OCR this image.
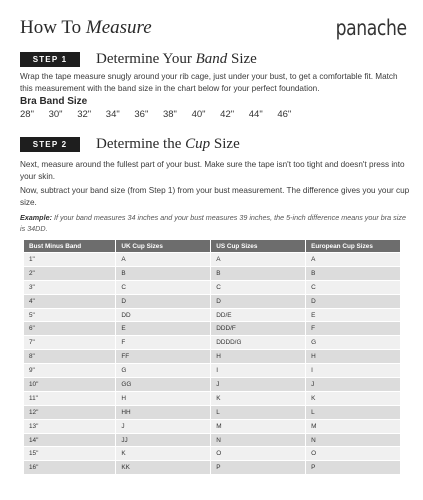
How To Measure	panache
STEP 1	Determine Your Band Size
Wrap the tape measure snugly around your rib cage, just under your bust, to get a comfortable fit. Match this measurement with the band size in the chart below for your perfect foundation.
Bra Band Size
28"	30"	32"	34"	36"	38"	40"	42"	44"	46"
STEP 2	Determine the Cup Size
Next, measure around the fullest part of your bust. Make sure the tape isn't too tight and doesn't press into your skin.
Now, subtract your band size (from Step 1) from your bust measurement. The difference gives you your cup size.
Example: If your band measures 34 inches and your bust measures 39 inches, the 5-inch difference means your bra size is 34DD.
Bust Minus Band	UK Cup Sizes	US Cup Sizes	European Cup Sizes
1"	A	A	A
2"	B	B	B
3"	C	C	C
4"	D	D	D
5"	DD	DD/E	E
6"	E	DDD/F	F
7"	F	DDDD/G	G
8"	FF	H	H
9"	G	I	I
10"	GG	J	J
11"	H	K	K
12"	HH	L	L
13"	J	M	M
14"	JJ	N	N
15"	K	O	O
16"	KK	P	P
